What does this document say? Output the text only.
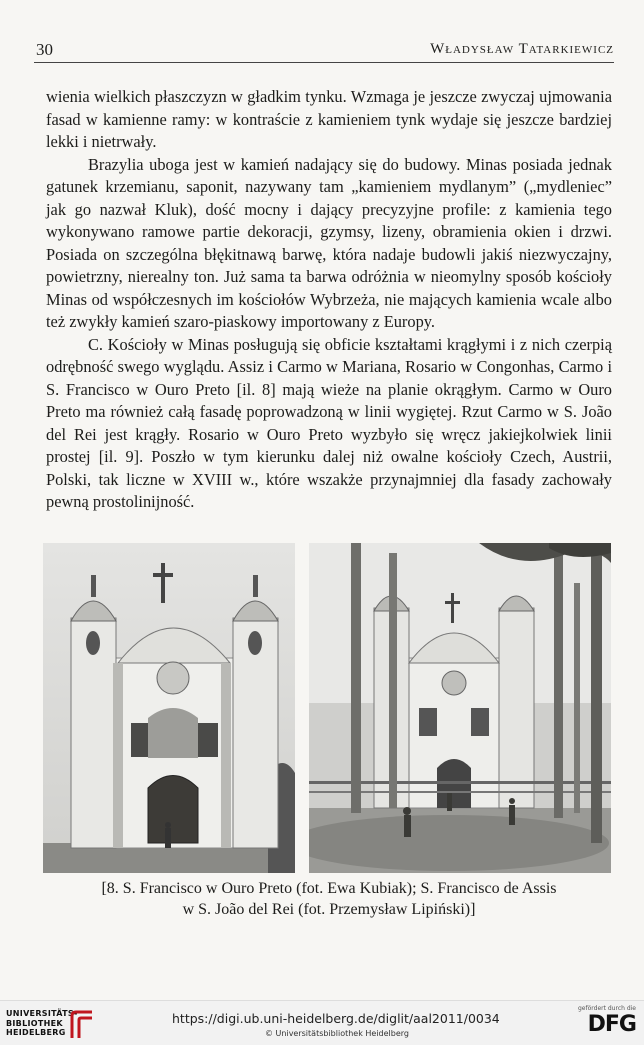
30	Władysław Tatarkiewicz

wienia wielkich płaszczyzn w gładkim tynku. Wzmaga je jeszcze zwyczaj ujmowania fasad w kamienne ramy: w kontraście z kamieniem tynk wydaje się jeszcze bardziej lekki i nietrwały.

Brazylia uboga jest w kamień nadający się do budowy. Minas posiada jednak gatunek krzemianu, saponit, nazywany tam „kamieniem mydlanym” („mydleniec” jak go nazwał Kluk), dość mocny i dający precyzyjne profile: z kamienia tego wykonywano ramowe partie dekoracji, gzymsy, lizeny, obramienia okien i drzwi. Posiada on szczególna błękitnawą barwę, która nadaje budowli jakiś niezwyczajny, powietrzny, nierealny ton. Już sama ta barwa odróżnia w nieomylny sposób kościoły Minas od współczesnych im kościołów Wybrzeża, nie mających kamienia wcale albo też zwykły kamień szaro-piaskowy importowany z Europy.

C. Kościoły w Minas posługują się obficie kształtami krągłymi i z nich czerpią odrębność swego wyglądu. Assiz i Carmo w Mariana, Rosario w Congonhas, Carmo i S. Francisco w Ouro Preto [il. 8] mają wieże na planie okrągłym. Carmo w Ouro Preto ma również całą fasadę poprowadzoną w linii wygiętej. Rzut Carmo w S. João del Rei jest krągły. Rosario w Ouro Preto wyzbyło się wręcz jakiejkolwiek linii prostej [il. 9]. Poszło w tym kierunku dalej niż owalne kościoły Czech, Austrii, Polski, tak liczne w XVIII w., które wszakże przynajmniej dla fasady zachowały pewną prostolinijność.

[8. S. Francisco w Ouro Preto (fot. Ewa Kubiak); S. Francisco de Assis
w S. João del Rei (fot. Przemysław Lipiński)]
UNIVERSITÄTS-
BIBLIOTHEK
HEIDELBERG
https://digi.ub.uni-heidelberg.de/diglit/aal2011/0034
© Universitätsbibliothek Heidelberg
gefördert durch die
DFG
